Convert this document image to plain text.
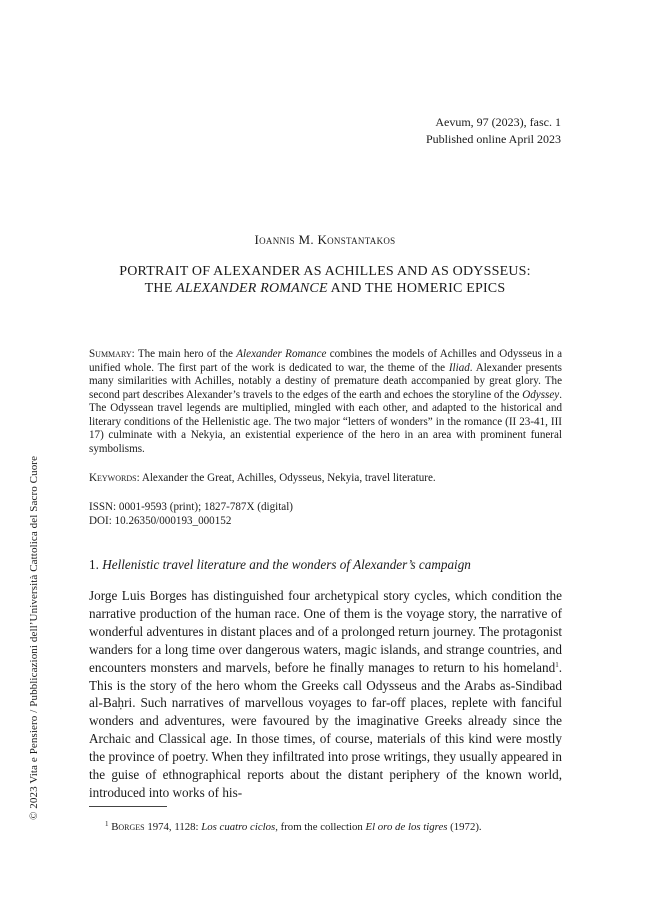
Aevum, 97 (2023), fasc. 1
Published online April 2023
Ioannis M. Konstantakos
PORTRAIT OF ALEXANDER AS ACHILLES AND AS ODYSSEUS:
THE ALEXANDER ROMANCE AND THE HOMERIC EPICS
Summary: The main hero of the Alexander Romance combines the models of Achilles and Odysseus in a unified whole. The first part of the work is dedicated to war, the theme of the Iliad. Alexander presents many similarities with Achilles, notably a destiny of premature death accompanied by great glory. The second part describes Alexander’s travels to the edges of the earth and echoes the storyline of the Odyssey. The Odyssean travel legends are multiplied, mingled with each other, and adapted to the historical and literary conditions of the Hellenistic age. The two major “letters of wonders” in the romance (II 23-41, III 17) culminate with a Nekyia, an existential experience of the hero in an area with prominent funeral symbolisms.
Keywords: Alexander the Great, Achilles, Odysseus, Nekyia, travel literature.
ISSN: 0001-9593 (print); 1827-787X (digital)
DOI: 10.26350/000193_000152
1. Hellenistic travel literature and the wonders of Alexander’s campaign
Jorge Luis Borges has distinguished four archetypical story cycles, which condition the narrative production of the human race. One of them is the voyage story, the narrative of wonderful adventures in distant places and of a prolonged return journey. The protagonist wanders for a long time over dangerous waters, magic islands, and strange countries, and encounters monsters and marvels, before he finally manages to return to his homeland$^1$. This is the story of the hero whom the Greeks call Odysseus and the Arabs as-Sindibad al-Baḥri. Such narratives of marvellous voyages to far-off places, replete with fanciful wonders and adventures, were favoured by the imaginative Greeks already since the Archaic and Classical age. In those times, of course, materials of this kind were mostly the province of poetry. When they infiltrated into prose writings, they usually appeared in the guise of ethnographical reports about the distant periphery of the known world, introduced into works of his-
$^1$ Borges 1974, 1128: Los cuatro ciclos, from the collection El oro de los tigres (1972).
© 2023 Vita e Pensiero / Pubblicazioni dell’Università Cattolica del Sacro Cuore
